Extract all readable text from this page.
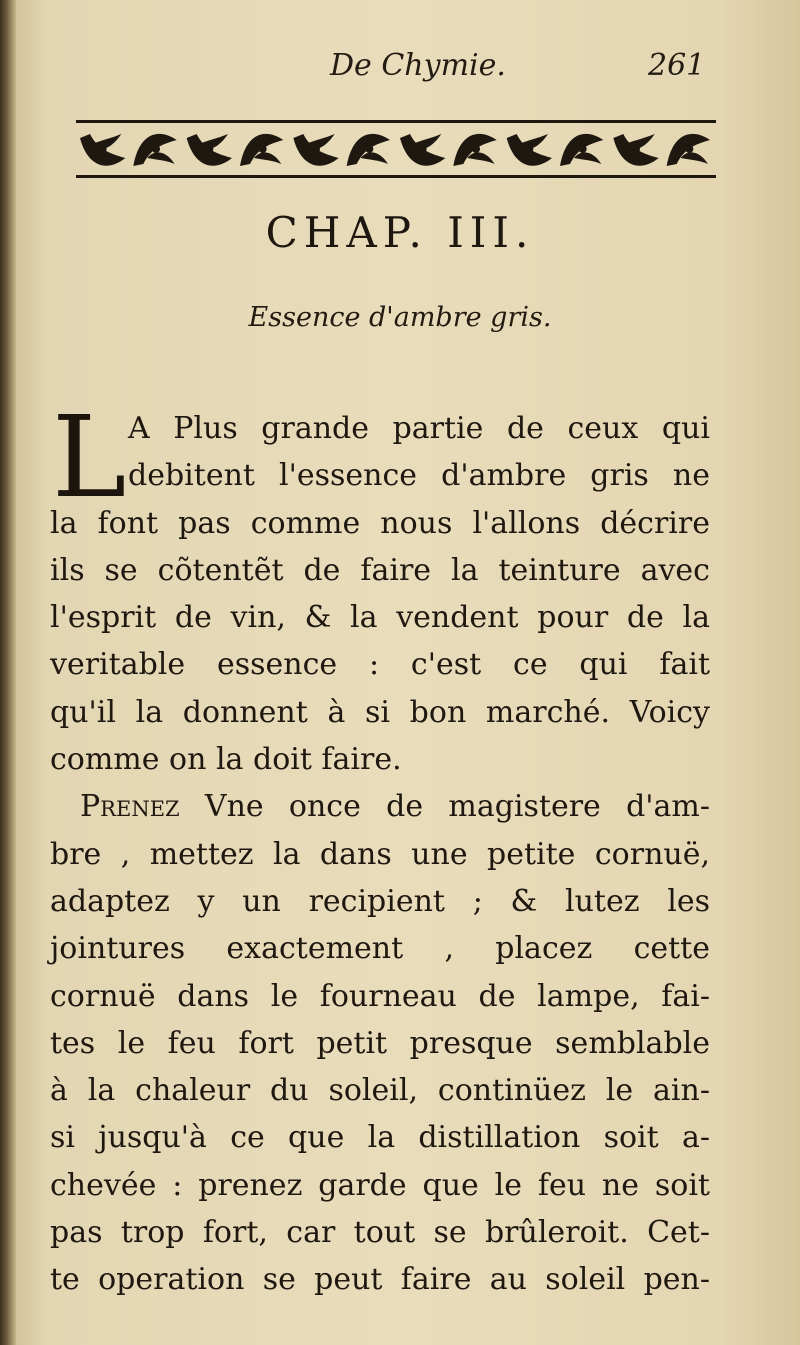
De Chymie.	261
CHAP. III.
Essence d'ambre gris.
L A Plus grande partie de ceux qui
debitent l'essence d'ambre gris ne
la font pas comme nous l'allons décrire
ils se cõtentẽt de faire la teinture avec
l'esprit de vin, & la vendent pour de la
veritable essence : c'est ce qui fait
qu'il la donnent à si bon marché. Voicy
comme on la doit faire.
Prenez Vne once de magistere d'am-
bre , mettez la dans une petite cornuë,
adaptez y un recipient ; & lutez les
jointures exactement , placez cette
cornuë dans le fourneau de lampe, fai-
tes le feu fort petit presque semblable
à la chaleur du soleil, continüez le ain-
si jusqu'à ce que la distillation soit a-
chevée : prenez garde que le feu ne soit
pas trop fort, car tout se brûleroit. Cet-
te operation se peut faire au soleil pen-
